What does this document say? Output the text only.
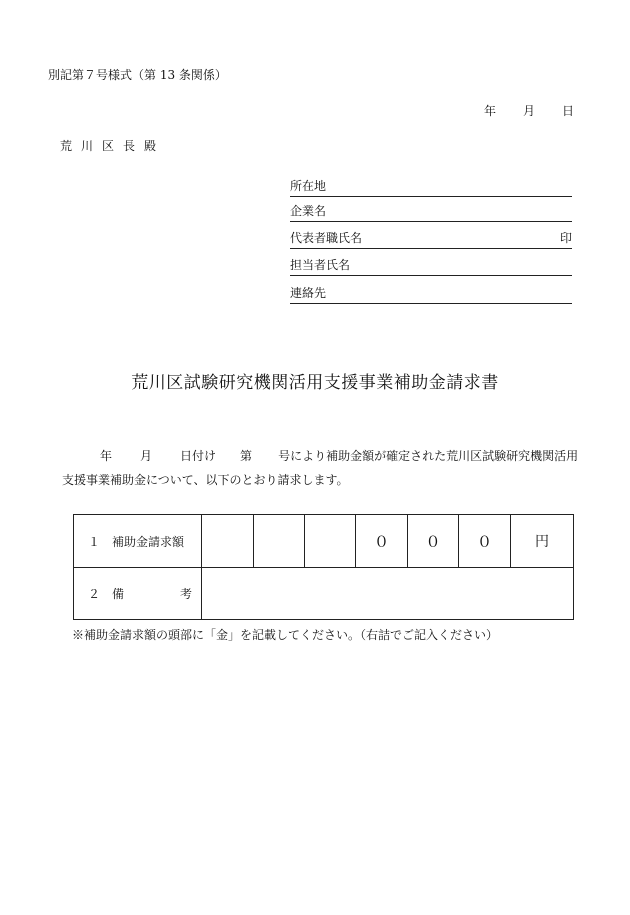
別記第７号様式（第 13 条関係）
年 月 日
荒川区長殿
所在地
企業名
代表者職氏名	印
担当者氏名
連絡先
荒川区試験研究機関活用支援事業補助金請求書
年 月 日付け 第 号により補助金額が確定された荒川区試験研究機関活用支援事業補助金について、以下のとおり請求します。
１　補助金請求額				０	０	０	円
２ 備 考							
※補助金請求額の頭部に「金」を記載してください。（右詰でご記入ください）
